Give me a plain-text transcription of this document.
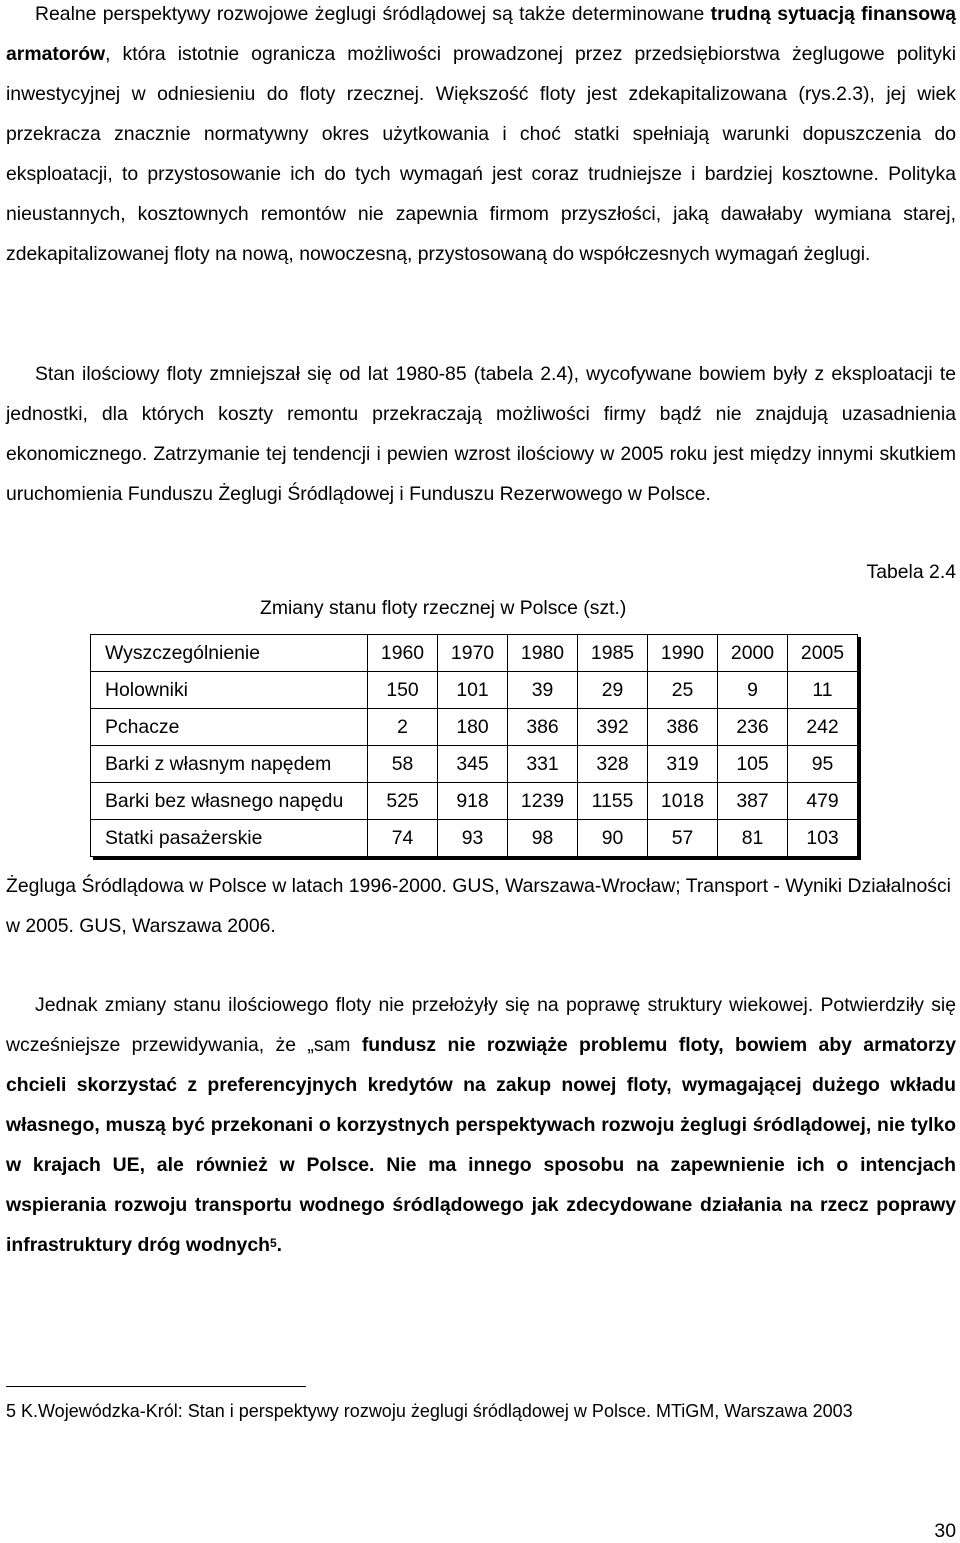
Realne perspektywy rozwojowe żeglugi śródlądowej są także determinowane trudną sytuacją finansową armatorów, która istotnie ogranicza możliwości prowadzonej przez przedsiębiorstwa żeglugowe polityki inwestycyjnej w odniesieniu do floty rzecznej. Większość floty jest zdekapitalizowana (rys.2.3), jej wiek przekracza znacznie normatywny okres użytkowania i choć statki spełniają warunki dopuszczenia do eksploatacji, to przystosowanie ich do tych wymagań jest coraz trudniejsze i bardziej kosztowne. Polityka nieustannych, kosztownych remontów nie zapewnia firmom przyszłości, jaką dawałaby wymiana starej, zdekapitalizowanej floty na nową, nowoczesną, przystosowaną do współczesnych wymagań żeglugi.

Stan ilościowy floty zmniejszał się od lat 1980-85 (tabela 2.4), wycofywane bowiem były z eksploatacji te jednostki, dla których koszty remontu przekraczają możliwości firmy bądź nie znajdują uzasadnienia ekonomicznego. Zatrzymanie tej tendencji i pewien wzrost ilościowy w 2005 roku jest między innymi skutkiem uruchomienia Funduszu Żeglugi Śródlądowej i Funduszu Rezerwowego w Polsce.

Tabela 2.4
Zmiany stanu floty rzecznej w Polsce (szt.)
Wyszczególnienie	1960	1970	1980	1985	1990	2000	2005
Holowniki	150	101	39	29	25	9	11
Pchacze	2	180	386	392	386	236	242
Barki z własnym napędem	58	345	331	328	319	105	95
Barki bez własnego napędu	525	918	1239	1155	1018	387	479
Statki pasażerskie	74	93	98	90	57	81	103

Żegluga Śródlądowa w Polsce w latach 1996-2000. GUS, Warszawa-Wrocław; Transport - Wyniki Działalności w 2005. GUS, Warszawa 2006.

Jednak zmiany stanu ilościowego floty nie przełożyły się na poprawę struktury wiekowej. Potwierdziły się wcześniejsze przewidywania, że „sam fundusz nie rozwiąże problemu floty, bowiem aby armatorzy chcieli skorzystać z preferencyjnych kredytów na zakup nowej floty, wymagającej dużego wkładu własnego, muszą być przekonani o korzystnych perspektywach rozwoju żeglugi śródlądowej, nie tylko w krajach UE, ale również w Polsce. Nie ma innego sposobu na zapewnienie ich o intencjach wspierania rozwoju transportu wodnego śródlądowego jak zdecydowane działania na rzecz poprawy infrastruktury dróg wodnych$^5$.

5 K.Wojewódzka-Król: Stan i perspektywy rozwoju żeglugi śródlądowej w Polsce. MTiGM, Warszawa 2003
30
